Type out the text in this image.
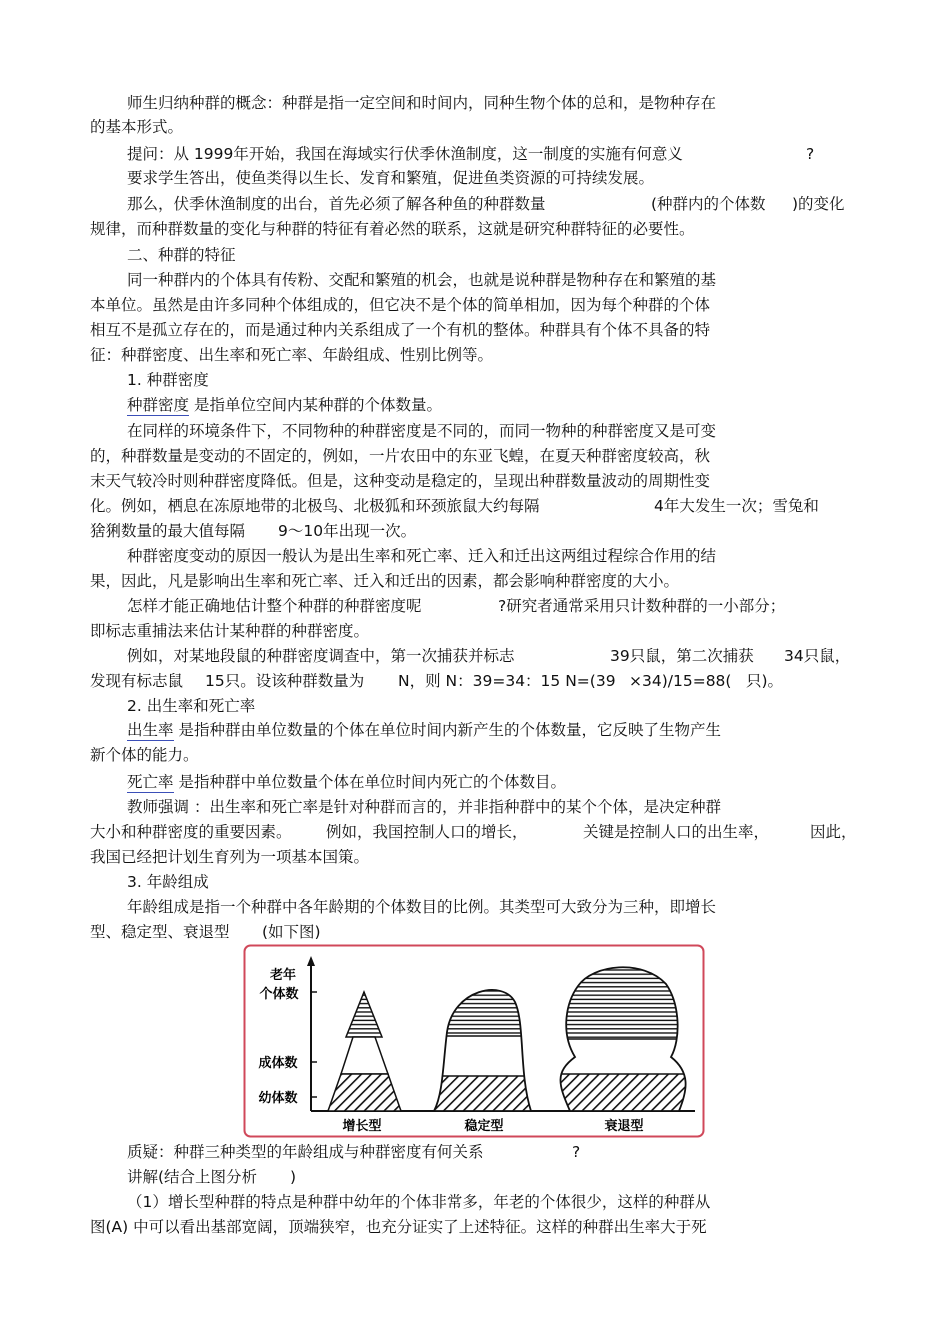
师生归纳种群的概念：种群是指一定空间和时间内，同种生物个体的总和，是物种存在
的基本形式。
提问：从 1999年开始，我国在海域实行伏季休渔制度，这一制度的实施有何意义	?
要求学生答出，使鱼类得以生长、发育和繁殖，促进鱼类资源的可持续发展。
那么，伏季休渔制度的出台，首先必须了解各种鱼的种群数量	(种群内的个体数 )的变化
规律，而种群数量的变化与种群的特征有着必然的联系，这就是研究种群特征的必要性。
二、种群的特征
同一种群内的个体具有传粉、交配和繁殖的机会，也就是说种群是物种存在和繁殖的基
本单位。虽然是由许多同种个体组成的，但它决不是个体的简单相加，因为每个种群的个体
相互不是孤立存在的，而是通过种内关系组成了一个有机的整体。种群具有个体不具备的特
征：种群密度、出生率和死亡率、年龄组成、性别比例等。
1. 种群密度
种群密度 是指单位空间内某种群的个体数量。
在同样的环境条件下，不同物种的种群密度是不同的，而同一物种的种群密度又是可变
的，种群数量是变动的不固定的，例如，一片农田中的东亚飞蝗，在夏天种群密度较高，秋
末天气较冷时则种群密度降低。但是，这种变动是稳定的，呈现出种群数量波动的周期性变
化。例如，栖息在冻原地带的北极鸟、北极狐和环颈旅鼠大约每隔	4年大发生一次；雪兔和
猞猁数量的最大值每隔 9～10年出现一次。
种群密度变动的原因一般认为是出生率和死亡率、迁入和迁出这两组过程综合作用的结
果，因此，凡是影响出生率和死亡率、迁入和迁出的因素，都会影响种群密度的大小。
怎样才能正确地估计整个种群的种群密度呢	?研究者通常采用只计数种群的一小部分；
即标志重捕法来估计某种群的种群密度。
例如，对某地段鼠的种群密度调查中，第一次捕获并标志	39只鼠，第二次捕获 34只鼠，
发现有标志鼠 15只。设该种群数量为 N，则 N：39=34：15 N=(39 ×34)/15=88( 只)。
2. 出生率和死亡率
出生率 是指种群由单位数量的个体在单位时间内新产生的个体数量，它反映了生物产生
新个体的能力。
死亡率 是指种群中单位数量个体在单位时间内死亡的个体数目。
教师强调 ：出生率和死亡率是针对种群而言的，并非指种群中的某个个体，是决定种群
大小和种群密度的重要因素。 例如，我国控制人口的增长，	关键是控制人口的出生率，	因此，
我国已经把计划生育列为一项基本国策。
3. 年龄组成
年龄组成是指一个种群中各年龄期的个体数目的比例。其类型可大致分为三种，即增长
型、稳定型、衰退型 (如下图)
老年
个体数
成体数
幼体数
增长型	稳定型	衰退型
质疑：种群三种类型的年龄组成与种群密度有何关系	?
讲解(结合上图分析 )
（1）增长型种群的特点是种群中幼年的个体非常多，年老的个体很少，这样的种群从
图(A) 中可以看出基部宽阔，顶端狭窄，也充分证实了上述特征。这样的种群出生率大于死
